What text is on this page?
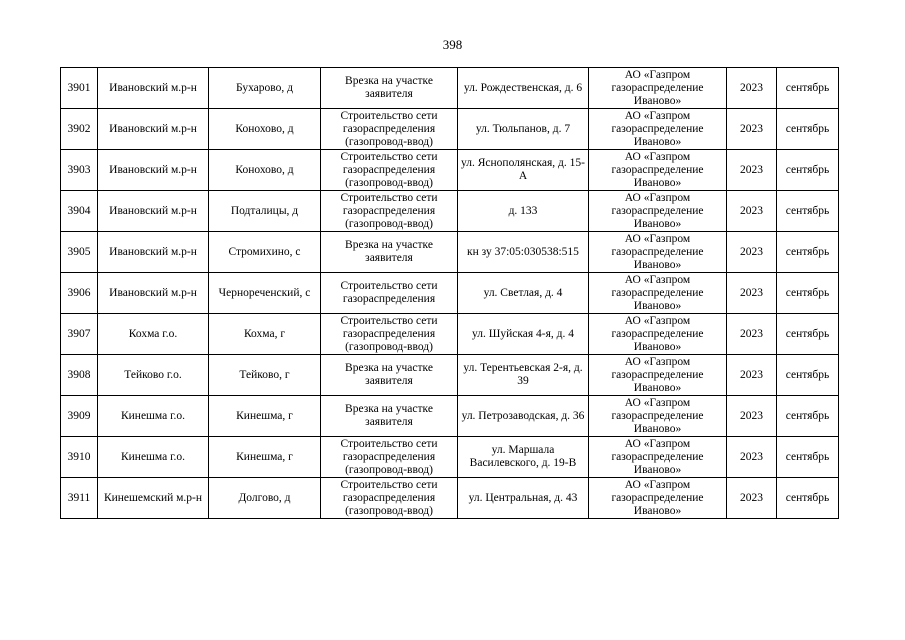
398
3901	Ивановский м.р-н	Бухарово, д	Врезка на участке заявителя	ул. Рождественская, д. 6	АО «Газпром газораспределение Иваново»	2023	сентябрь
3902	Ивановский м.р-н	Конохово, д	Строительство сети газораспределения (газопровод-ввод)	ул. Тюльпанов, д. 7	АО «Газпром газораспределение Иваново»	2023	сентябрь
3903	Ивановский м.р-н	Конохово, д	Строительство сети газораспределения (газопровод-ввод)	ул. Яснополянская, д. 15-А	АО «Газпром газораспределение Иваново»	2023	сентябрь
3904	Ивановский м.р-н	Подталицы, д	Строительство сети газораспределения (газопровод-ввод)	д. 133	АО «Газпром газораспределение Иваново»	2023	сентябрь
3905	Ивановский м.р-н	Стромихино, с	Врезка на участке заявителя	кн зу 37:05:030538:515	АО «Газпром газораспределение Иваново»	2023	сентябрь
3906	Ивановский м.р-н	Чернореченский, с	Строительство сети газораспределения	ул. Светлая, д. 4	АО «Газпром газораспределение Иваново»	2023	сентябрь
3907	Кохма г.о.	Кохма, г	Строительство сети газораспределения (газопровод-ввод)	ул. Шуйская 4-я, д. 4	АО «Газпром газораспределение Иваново»	2023	сентябрь
3908	Тейково г.о.	Тейково, г	Врезка на участке заявителя	ул. Терентьевская 2-я, д. 39	АО «Газпром газораспределение Иваново»	2023	сентябрь
3909	Кинешма г.о.	Кинешма, г	Врезка на участке заявителя	ул. Петрозаводская, д. 36	АО «Газпром газораспределение Иваново»	2023	сентябрь
3910	Кинешма г.о.	Кинешма, г	Строительство сети газораспределения (газопровод-ввод)	ул. Маршала Василевского, д. 19-В	АО «Газпром газораспределение Иваново»	2023	сентябрь
3911	Кинешемский м.р-н	Долгово, д	Строительство сети газораспределения (газопровод-ввод)	ул. Центральная, д. 43	АО «Газпром газораспределение Иваново»	2023	сентябрь
